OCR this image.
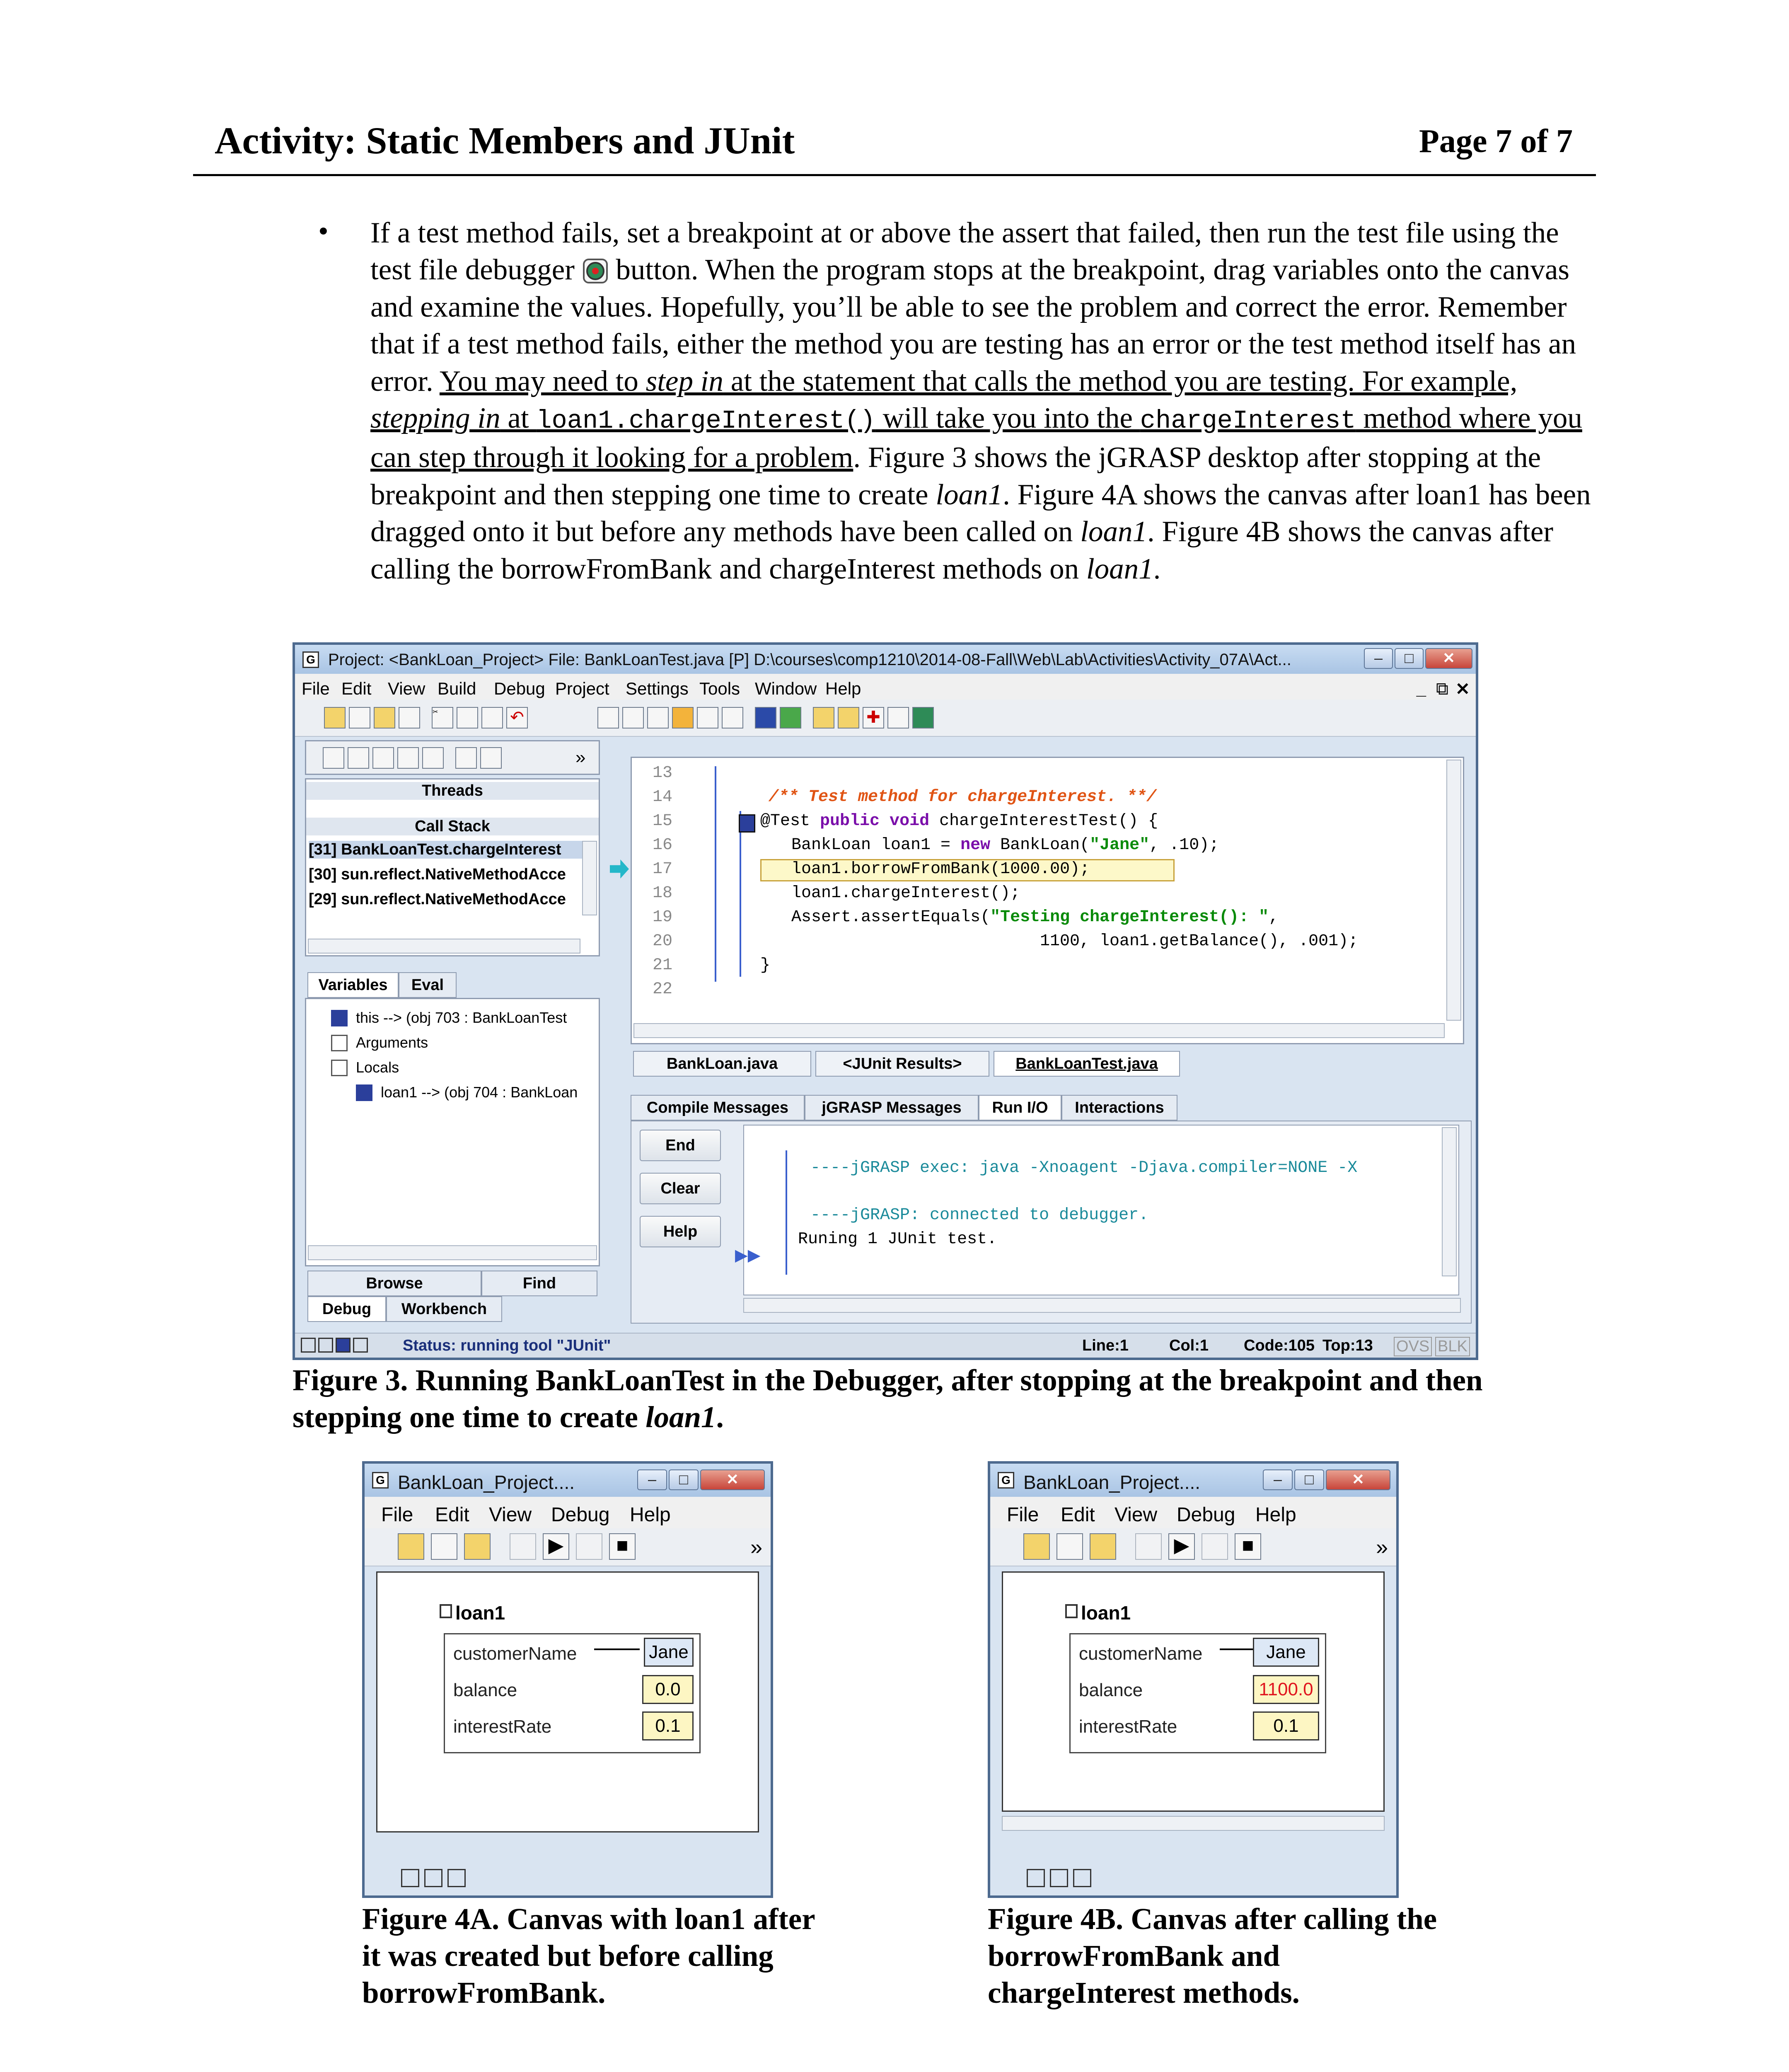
Activity: Static Members and JUnit	Page 7 of 7
• If a test method fails, set a breakpoint at or above the assert that failed, then run the test file using the test file debugger  button. When the program stops at the breakpoint, drag variables onto the canvas and examine the values. Hopefully, you’ll be able to see the problem and correct the error. Remember that if a test method fails, either the method you are testing has an error or the test method itself has an error. You may need to step in at the statement that calls the method you are testing. For example, stepping in at loan1.chargeInterest() will take you into the chargeInterest method where you can step through it looking for a problem. Figure 3 shows the jGRASP desktop after stopping at the breakpoint and then stepping one time to create loan1. Figure 4A shows the canvas after loan1 has been dragged onto it but before any methods have been called on loan1. Figure 4B shows the canvas after calling the borrowFromBank and chargeInterest methods on loan1.
G Project: <BankLoan_Project> File: BankLoanTest.java [P] D:\courses\comp1210\2014-08-Fall\Web\Lab\Activities\Activity_07A\Act...	–	□	✕
File Edit View Build Debug Project Settings Tools Window Help	_ ⧉ ✕
✂	↶	✚
»
Threads
Call Stack
[31] BankLoanTest.chargeInterest
[30] sun.reflect.NativeMethodAcce
[29] sun.reflect.NativeMethodAcce
Variables	Eval
this --> (obj 703 : BankLoanTest
Arguments
Locals
loan1 --> (obj 704 : BankLoan
Browse	Find
Debug	Workbench
13
14
15
16
17
18
19
20
21
22
/** Test method for chargeInterest. **/
@Test public void chargeInterestTest() {
BankLoan loan1 = new BankLoan("Jane", .10);
loan1.borrowFromBank(1000.00);
loan1.chargeInterest();
Assert.assertEquals("Testing chargeInterest(): ",
1100, loan1.getBalance(), .001);
}
BankLoan.java	<JUnit Results>	BankLoanTest.java
Compile Messages	jGRASP Messages	Run I/O	Interactions
End
Clear
Help
----jGRASP exec: java -Xnoagent -Djava.compiler=NONE -X
----jGRASP: connected to debugger.
Runing 1 JUnit test.
▶▶
Status: running tool "JUnit"	Line:1	Col:1 Code:105 Top:13 OVS BLK
Figure 3. Running BankLoanTest in the Debugger, after stopping at the breakpoint and then stepping one time to create loan1.
G BankLoan_Project....	–	□	✕
File Edit View Debug Help
▶	■	»
loan1
customerName	Jane
balance	0.0
interestRate	0.1
Figure 4A. Canvas with loan1 after it was created but before calling borrowFromBank.
G BankLoan_Project....	–	□	✕
File Edit View Debug Help
▶	■	»
loan1
customerName	Jane
balance	1100.0
interestRate	0.1
Figure 4B. Canvas after calling the borrowFromBank and chargeInterest methods.
